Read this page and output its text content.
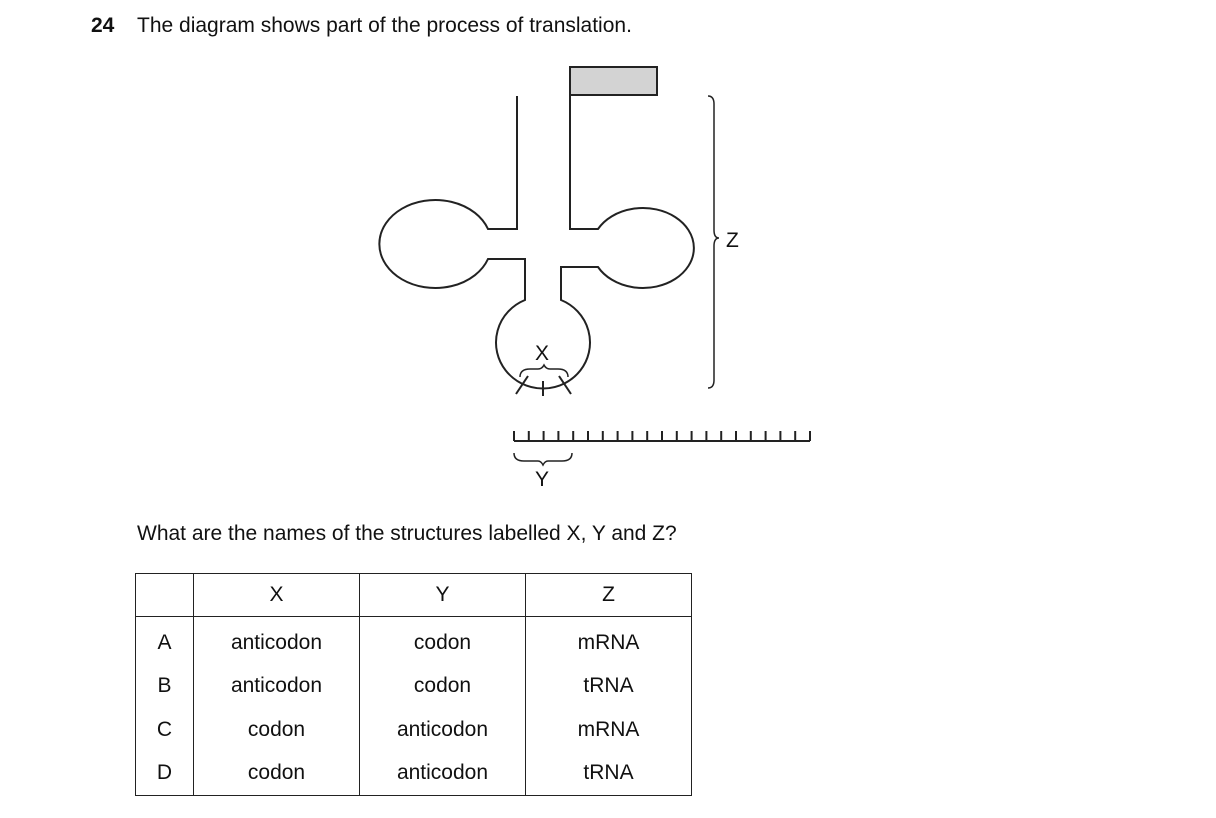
24 The diagram shows part of the process of translation.
X
Z
Y
What are the names of the structures labelled X, Y and Z?
	X	Y	Z
A	anticodon	codon	mRNA
B	anticodon	codon	tRNA
C	codon	anticodon	mRNA
D	codon	anticodon	tRNA
